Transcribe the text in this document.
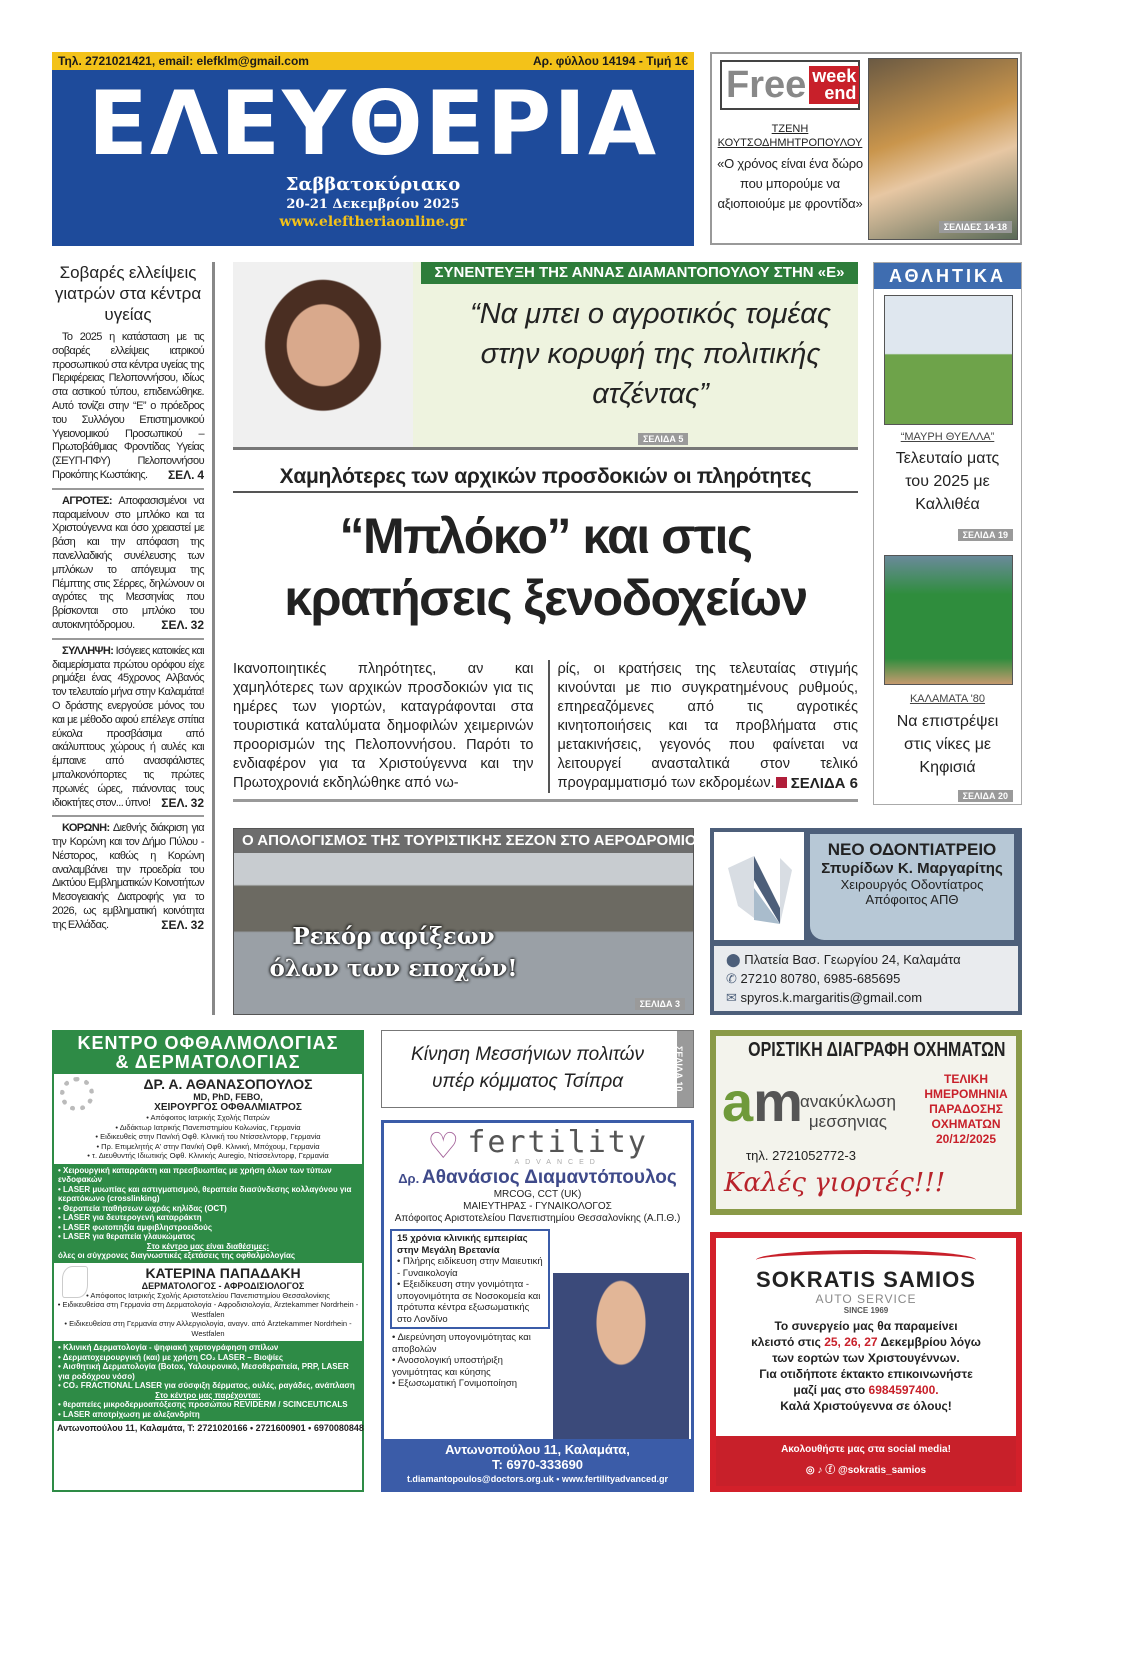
Τηλ. 2721021421, email: elefklm@gmail.com	Αρ. φύλλου 14194 - Τιμή 1€
ΕΛΕΥΘΕΡΙΑ
Σαββατοκύριακο
20-21 Δεκεμβρίου 2025
www.eleftheriaonline.gr
Free week
end
ΤΖΕΝΗ
ΚΟΥΤΣΟΔΗΜΗΤΡΟΠΟΥΛΟΥ
«Ο χρόνος είναι ένα δώρο που μπορούμε να αξιοποιούμε με φροντίδα»
ΣΕΛΙΔΕΣ 14-18
Σοβαρές ελλείψεις γιατρών στα κέντρα υγείας

Το 2025 η κατάσταση με τις σοβαρές ελλείψεις ιατρικού προσωπικού στα κέντρα υγείας της Περιφέρειας Πελοποννήσου, ιδίως στα αστικού τύπου, επιδεινώθηκε. Αυτό τονίζει στην “Ε” ο πρόεδρος του Συλλόγου Επιστημονικού Υγειονομικού Προσωπικού – Πρωτοβάθμιας Φροντίδας Υγείας (ΣΕΥΠ-ΠΦΥ) Πελοποννήσου Προκόπης Κωστάκης.	ΣΕΛ. 4

ΑΓΡΟΤΕΣ: Αποφασισμένοι να παραμείνουν στο μπλόκο και τα Χριστούγεννα και όσο χρειαστεί με βάση και την απόφαση της πανελλαδικής συνέλευσης των μπλόκων το απόγευμα της Πέμπτης στις Σέρρες, δηλώνουν οι αγρότες της Μεσσηνίας που βρίσκονται στο μπλόκο του αυτοκινητόδρομου.	ΣΕΛ. 32

ΣΥΛΛΗΨΗ: Ισόγειες κατοικίες και διαμερίσματα πρώτου ορόφου είχε ρημάξει ένας 45χρονος Αλβανός τον τελευταίο μήνα στην Καλαμάτα! Ο δράστης ενεργούσε μόνος του και με μέθοδο αφού επέλεγε σπίτια εύκολα προσβάσιμα από ακάλυπτους χώρους ή αυλές και έμπαινε από ανασφάλιστες μπαλκονόπορτες τις πρώτες πρωινές ώρες, πιάνοντας τους ιδιοκτήτες στον... ύπνο! ΣΕΛ. 32

ΚΟΡΩΝΗ: Διεθνής διάκριση για την Κορώνη και τον Δήμο Πύλου - Νέστορος, καθώς η Κορώνη αναλαμβάνει την προεδρία του Δικτύου Εμβληματικών Κοινοτήτων Μεσογειακής Διατροφής για το 2026, ως εμβληματική κοινότητα της Ελλάδας.	ΣΕΛ. 32

ΣΥΝΕΝΤΕΥΞΗ ΤΗΣ ΑΝΝΑΣ ΔΙΑΜΑΝΤΟΠΟΥΛΟΥ ΣΤΗΝ «Ε»
“Να μπει ο αγροτικός τομέας στην κορυφή της πολιτικής ατζέντας”
ΣΕΛΙΔΑ 5
Χαμηλότερες των αρχικών προσδοκιών οι πληρότητες
“Μπλόκο” και στις κρατήσεις ξενοδοχείων

Ικανοποιητικές πληρότητες, αν και χαμηλότερες των αρχικών προσδοκιών για τις ημέρες των γιορτών, καταγράφονται στα τουριστικά καταλύματα δημοφιλών χειμερινών προορισμών της Πελοποννήσου. Παρότι το ενδιαφέρον για τα Χριστούγεννα και την Πρωτοχρονιά εκδηλώθηκε από νω-

ρίς, οι κρατήσεις της τελευταίας στιγμής κινούνται με πιο συγκρατημένους ρυθμούς, επηρεαζόμενες από τις αγροτικές κινητοποιήσεις και τα προβλήματα στις μετακινήσεις, γεγονός που φαίνεται να λειτουργεί ανασταλτικά στον τελικό προγραμματισμό των εκδρομέων.	ΣΕΛΙΔΑ 6

ΑΘΛΗΤΙΚΑ
“ΜΑΥΡΗ ΘΥΕΛΛΑ”
Τελευταίο ματς του 2025 με Καλλιθέα
ΣΕΛΙΔΑ 19
ΚΑΛΑΜΑΤΑ '80
Να επιστρέψει στις νίκες με Κηφισιά
ΣΕΛΙΔΑ 20
Ο ΑΠΟΛΟΓΙΣΜΟΣ ΤΗΣ ΤΟΥΡΙΣΤΙΚΗΣ ΣΕΖΟΝ ΣΤΟ ΑΕΡΟΔΡΟΜΙΟ
Ρεκόρ αφίξεων
όλων των εποχών!
ΣΕΛΙΔΑ 3
ΝΕΟ ΟΔΟΝΤΙΑΤΡΕΙΟ
Σπυρίδων Κ. Μαργαρίτης
Χειρουργός Οδοντίατρος
Απόφοιτος ΑΠΘ
⬤ Πλατεία Βασ. Γεωργίου 24, Καλαμάτα
✆ 27210 80780, 6985-685695
✉ spyros.k.margaritis@gmail.com
ΚΕΝΤΡΟ ΟΦΘΑΛΜΟΛΟΓΙΑΣ
& ΔΕΡΜΑΤΟΛΟΓΙΑΣ
ΔΡ. Α. ΑΘΑΝΑΣΟΠΟΥΛΟΣ
MD, PhD, FEBO,
ΧΕΙΡΟΥΡΓΟΣ ΟΦΘΑΛΜΙΑΤΡΟΣ
• Απόφοιτος Ιατρικής Σχολής Πατρών
• Διδάκτωρ Ιατρικής Πανεπιστημίου Κολωνίας, Γερμανία
• Ειδικευθείς στην Παν/κή Οφθ. Κλινική του Ντίσσελντορφ, Γερμανία
• Πρ. Επιμελητής Α' στην Παν/κή Οφθ. Κλινική, Μπόχουμ, Γερμανία
• τ. Διευθυντής Ιδιωτικής Οφθ. Κλινικής Auregio, Ντίσσελντορφ, Γερμανία
• Χειρουργική καταρράκτη και πρεσβυωπίας με χρήση όλων των τύπων ενδοφακών
• LASER μυωπίας και αστιγματισμού, θεραπεία διασύνδεσης κολλαγόνου για κερατόκωνο (crosslinking)
• Θεραπεία παθήσεων ωχράς κηλίδας (OCT)
• LASER για δευτερογενή καταρράκτη
• LASER φωτοπηξία αμφιβληστροειδούς
• LASER για θεραπεία γλαυκώματος
Στο κέντρο μας είναι διαθέσιμες:
όλες οι σύγχρονες διαγνωστικές εξετάσεις της οφθαλμολογίας
ΚΑΤΕΡΙΝΑ ΠΑΠΑΔΑΚΗ
ΔΕΡΜΑΤΟΛΟΓΟΣ - ΑΦΡΟΔΙΣΙΟΛΟΓΟΣ
• Απόφοιτος Ιατρικής Σχολής Αριστοτελείου Πανεπιστημίου Θεσσαλονίκης
• Ειδικευθείσα στη Γερμανία στη Δερματολογία - Αφροδισιολογία, Ärztekammer Nordrhein - Westfalen
• Ειδικευθείσα στη Γερμανία στην Αλλεργιολογία, αναγν. από Ärztekammer Nordrhein - Westfalen
• Κλινική Δερματολογία - ψηφιακή χαρτογράφηση σπίλων
• Δερματοχειρουργική (και) με χρήση CO₂ LASER – Βιοψίες
• Αισθητική Δερματολογία (Botox, Υαλουρονικό, Μεσοθεραπεία, PRP, LASER για ροδόχρου νόσο)
• CO₂ FRACTIONAL LASER για σύσφιξη δέρματος, ουλές, ραγάδες, ανάπλαση
Στο κέντρο μας παρέχονται:
• θεραπείες μικροδερμοαπόξεσης προσώπου REVIDERM / SCINCEUTICALS
• LASER αποτρίχωση με αλεξανδρίτη
Αντωνοπούλου 11, Καλαμάτα, Τ: 2721020166 • 2721600901 • 6970080848
Κίνηση Μεσσήνιων πολιτών υπέρ κόμματος Τσίπρα	ΣΕΛΙΔΑ 10
♡ fertility
ADVANCED
Δρ. Αθανάσιος Διαμαντόπουλος
MRCOG, CCT (UK)
ΜΑΙΕΥΤΗΡΑΣ - ΓΥΝΑΙΚΟΛΟΓΟΣ
Απόφοιτος Αριστοτελείου Πανεπιστημίου Θεσσαλονίκης (Α.Π.Θ.)
15 χρόνια κλινικής εμπειρίας στην Μεγάλη Βρετανία
• Πλήρης ειδίκευση στην Μαιευτική - Γυναικολογία
• Εξειδίκευση στην γονιμότητα - υπογονιμότητα σε Νοσοκομεία και πρότυπα κέντρα εξωσωματικής στο Λονδίνο
• Διερεύνηση υπογονιμότητας και αποβολών
• Ανοσολογική υποστήριξη γονιμότητας και κύησης
• Εξωσωματική Γονιμοποίηση
Αντωνοπούλου 11, Καλαμάτα,
Τ: 6970-333690
t.diamantopoulos@doctors.org.uk • www.fertilityadvanced.gr
ΟΡΙΣΤΙΚΗ ΔΙΑΓΡΑΦΗ ΟΧΗΜΑΤΩΝ
am
ανακύκλωση
μεσσηνιας
ΤΕΛΙΚΗ ΗΜΕΡΟΜΗΝΙΑ ΠΑΡΑΔΟΣΗΣ ΟΧΗΜΑΤΩΝ
20/12/2025
τηλ. 2721052772-3
Καλές γιορτές!!!
SOKRATIS SAMIOS
AUTO SERVICE
SINCE 1969
Το συνεργείο μας θα παραμείνει
κλειστό στις 25, 26, 27 Δεκεμβρίου λόγω
των εορτών των Χριστουγέννων.
Για οτιδήποτε έκτακτο επικοινωνήστε
μαζί μας στο 6984597400.
Καλά Χριστούγεννα σε όλους!
Ακολουθήστε μας στα social media!
◎ ♪ ⓕ @sokratis_samios
